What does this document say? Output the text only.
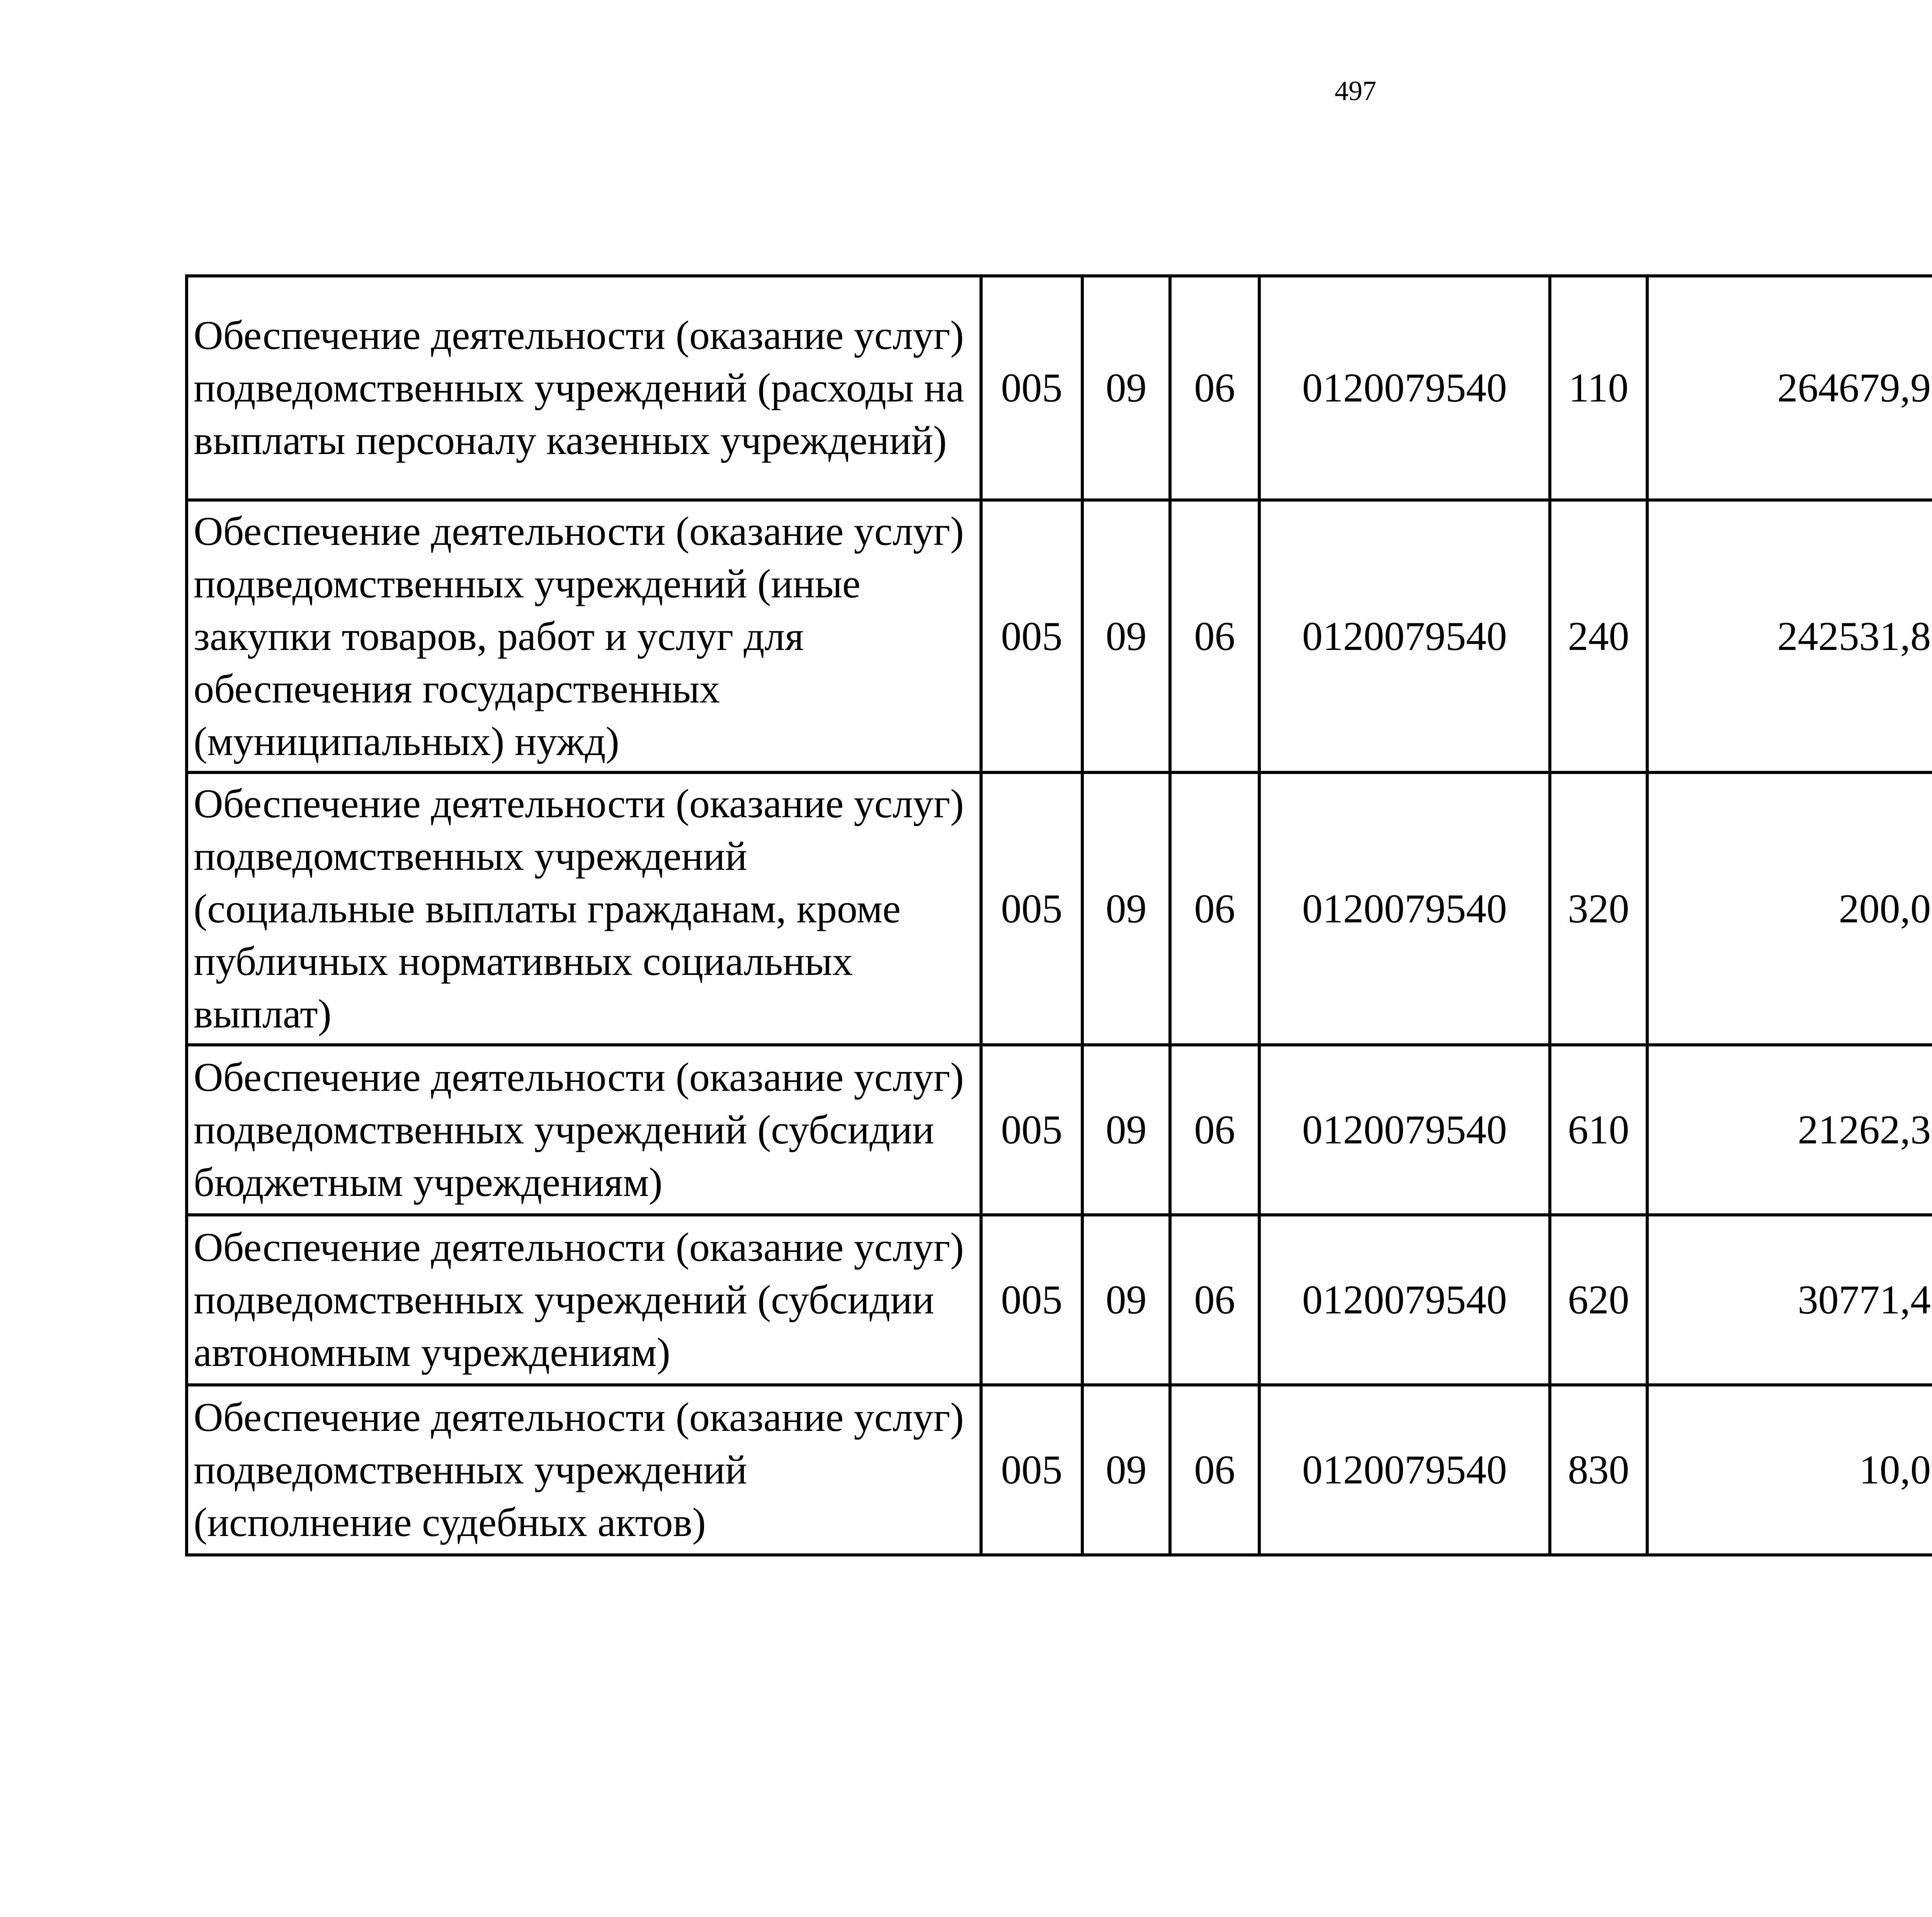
497
Обеспечение деятельности (оказание услуг) подведомственных учреждений (расходы на выплаты персоналу казенных учреждений)	005	09	06	0120079540	110	264679,9		
Обеспечение деятельности (оказание услуг) подведомственных учреждений (иные закупки товаров, работ и услуг для обеспечения государственных (муниципальных) нужд)	005	09	06	0120079540	240	242531,8		
Обеспечение деятельности (оказание услуг) подведомственных учреждений (социальные выплаты гражданам, кроме публичных нормативных социальных выплат)	005	09	06	0120079540	320	200,0		
Обеспечение деятельности (оказание услуг) подведомственных учреждений (субсидии бюджетным учреждениям)	005	09	06	0120079540	610	21262,3		
Обеспечение деятельности (оказание услуг) подведомственных учреждений (субсидии автономным учреждениям)	005	09	06	0120079540	620	30771,4		
Обеспечение деятельности (оказание услуг) подведомственных учреждений (исполнение судебных актов)	005	09	06	0120079540	830	10,0		
